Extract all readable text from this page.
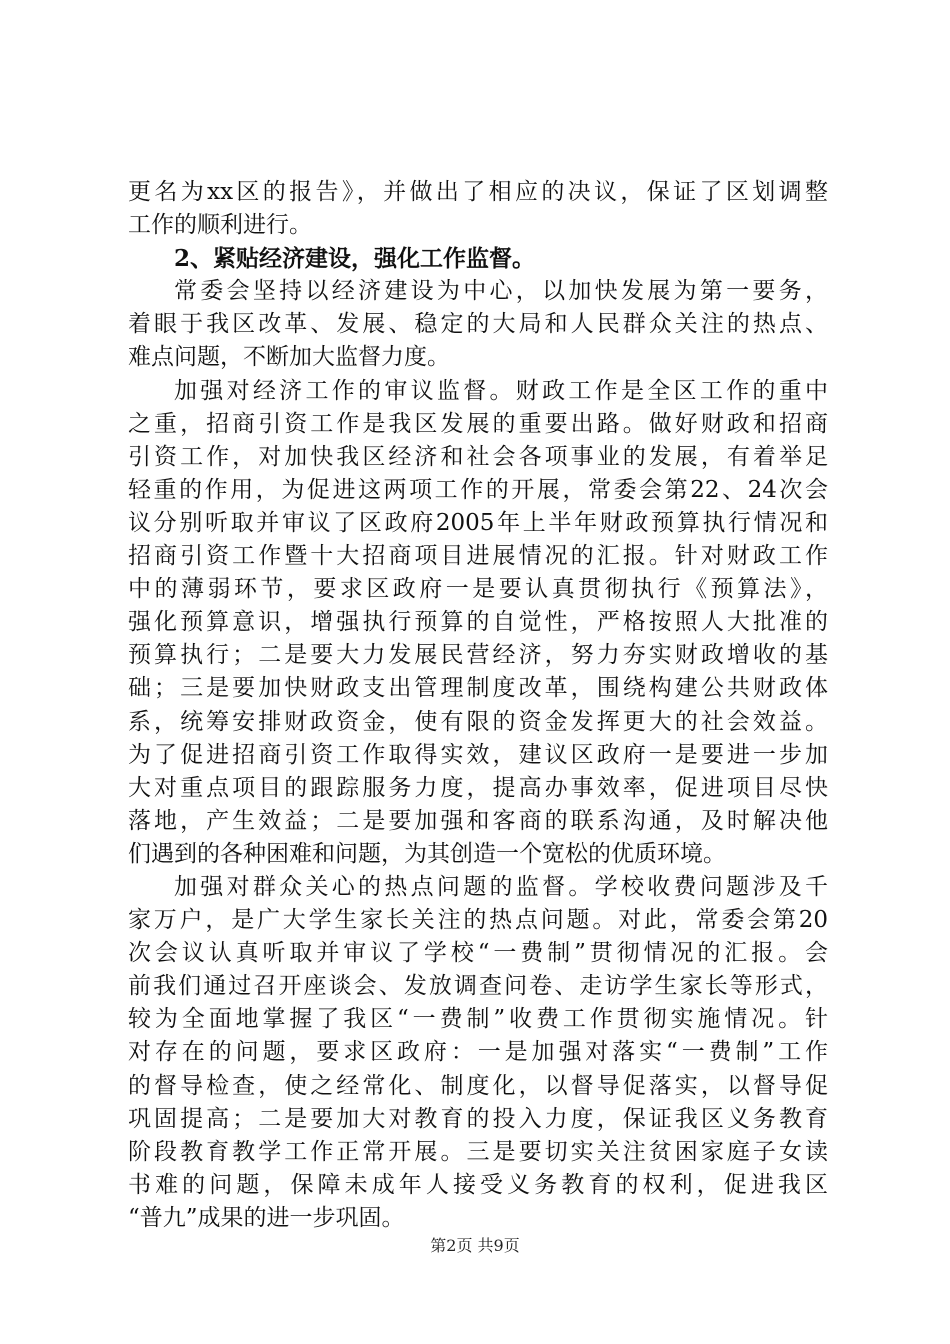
更名为xx区的报告》，并做出了相应的决议，保证了区划调整
工作的顺利进行。
2、紧贴经济建设，强化工作监督。
常委会坚持以经济建设为中心，以加快发展为第一要务，
着眼于我区改革、发展、稳定的大局和人民群众关注的热点、
难点问题，不断加大监督力度。
加强对经济工作的审议监督。财政工作是全区工作的重中
之重，招商引资工作是我区发展的重要出路。做好财政和招商
引资工作，对加快我区经济和社会各项事业的发展，有着举足
轻重的作用，为促进这两项工作的开展，常委会第22、24次会
议分别听取并审议了区政府2005年上半年财政预算执行情况和
招商引资工作暨十大招商项目进展情况的汇报。针对财政工作
中的薄弱环节，要求区政府一是要认真贯彻执行《预算法》，
强化预算意识，增强执行预算的自觉性，严格按照人大批准的
预算执行；二是要大力发展民营经济，努力夯实财政增收的基
础；三是要加快财政支出管理制度改革，围绕构建公共财政体
系，统筹安排财政资金，使有限的资金发挥更大的社会效益。
为了促进招商引资工作取得实效，建议区政府一是要进一步加
大对重点项目的跟踪服务力度，提高办事效率，促进项目尽快
落地，产生效益；二是要加强和客商的联系沟通，及时解决他
们遇到的各种困难和问题，为其创造一个宽松的优质环境。
加强对群众关心的热点问题的监督。学校收费问题涉及千
家万户，是广大学生家长关注的热点问题。对此，常委会第20
次会议认真听取并审议了学校“一费制”贯彻情况的汇报。会
前我们通过召开座谈会、发放调查问卷、走访学生家长等形式，
较为全面地掌握了我区“一费制”收费工作贯彻实施情况。针
对存在的问题，要求区政府：一是加强对落实“一费制”工作
的督导检查，使之经常化、制度化，以督导促落实，以督导促
巩固提高；二是要加大对教育的投入力度，保证我区义务教育
阶段教育教学工作正常开展。三是要切实关注贫困家庭子女读
书难的问题，保障未成年人接受义务教育的权利，促进我区
“普九”成果的进一步巩固。
第2页 共9页
